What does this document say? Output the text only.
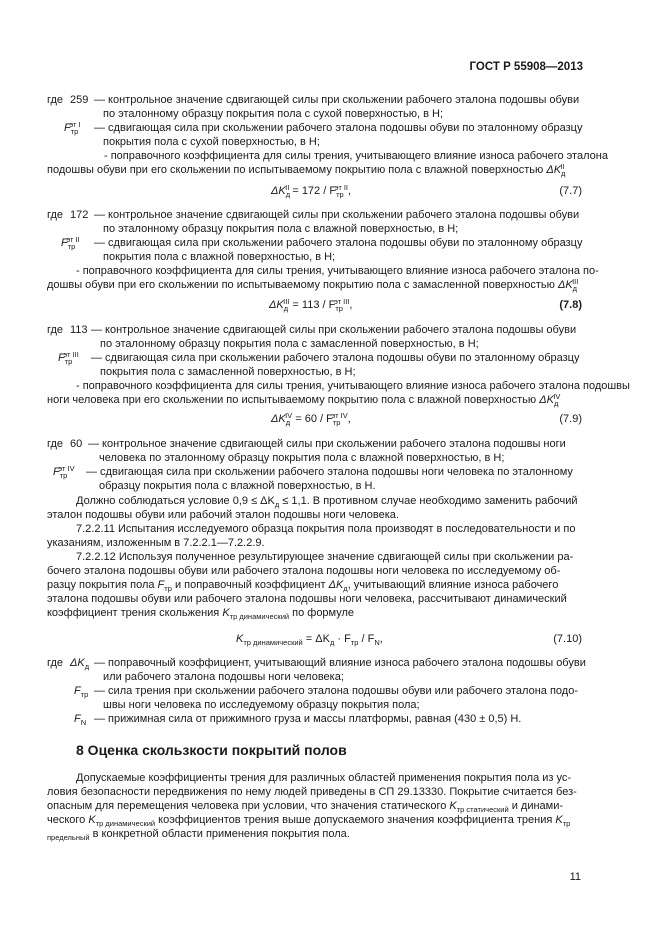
ГОСТ Р 55908—2013
где 259 — контрольное значение сдвигающей силы при скольжении рабочего эталона подошвы обуви
по эталонному образцу покрытия пола с сухой поверхностью, в Н;
$F_{тр}^{эт I}$ — сдвигающая сила при скольжении рабочего эталона подошвы обуви по эталонному образцу
покрытия пола с сухой поверхностью, в Н;
- поправочного коэффициента для силы трения, учитывающего влияние износа рабочего эталона
подошвы обуви при его скольжении по испытываемому покрытию пола с влажной поверхностью $\Delta K_д^{II}$
$\Delta K_д^{II} = 172 / F_{тр}^{эт II}$,	(7.7)
где 172 — контрольное значение сдвигающей силы при скольжении рабочего эталона подошвы обуви
по эталонному образцу покрытия пола с влажной поверхностью, в Н;
$F_{тр}^{эт II}$ — сдвигающая сила при скольжении рабочего эталона подошвы обуви по эталонному образцу
покрытия пола с влажной поверхностью, в Н;
- поправочного коэффициента для силы трения, учитывающего влияние износа рабочего эталона по-
дошвы обуви при его скольжении по испытываемому покрытию пола с замасленной поверхностью $\Delta K_д^{III}$
$\Delta K_д^{III} = 113 / F_{тр}^{эт III}$,	(7.8)
где 113 — контрольное значение сдвигающей силы при скольжении рабочего эталона подошвы обуви
по эталонному образцу покрытия пола с замасленной поверхностью, в Н;
$F_{тр}^{эт III}$ — сдвигающая сила при скольжении рабочего эталона подошвы обуви по эталонному образцу
покрытия пола с замасленной поверхностью, в Н;
- поправочного коэффициента для силы трения, учитывающего влияние износа рабочего эталона подошвы
ноги человека при его скольжении по испытываемому покрытию пола с влажной поверхностью $\Delta K_д^{IV}$
$\Delta K_д^{IV} = 60 / F_{тр}^{эт IV}$,	(7.9)
где 60 — контрольное значение сдвигающей силы при скольжении рабочего эталона подошвы ноги
человека по эталонному образцу покрытия пола с влажной поверхностью, в Н;
$F_{тр}^{эт IV}$ — сдвигающая сила при скольжении рабочего эталона подошвы ноги человека по эталонному
образцу покрытия пола с влажной поверхностью, в Н.
Должно соблюдаться условие $0,9 \le \Delta K_д \le 1,1$. В противном случае необходимо заменить рабочий
эталон подошвы обуви или рабочий эталон подошвы ноги человека.
7.2.2.11 Испытания исследуемого образца покрытия пола производят в последовательности и по
указаниям, изложенным в 7.2.2.1—7.2.2.9.
7.2.2.12 Используя полученное результирующее значение сдвигающей силы при скольжении ра-
бочего эталона подошвы обуви или рабочего эталона подошвы ноги человека по исследуемому об-
разцу покрытия пола $F_{тр}$ и поправочный коэффициент $\Delta K_д$, учитывающий влияние износа рабочего
эталона подошвы обуви или рабочего эталона подошвы ноги человека, рассчитывают динамический
коэффициент трения скольжения $K_{тр динамический}$ по формуле
$K_{тр динамический} = \Delta K_д \cdot F_{тр} / F_N$,	(7.10)
где $\Delta K_д$ — поправочный коэффициент, учитывающий влияние износа рабочего эталона подошвы обуви
или рабочего эталона подошвы ноги человека;
$F_{тр}$ — сила трения при скольжении рабочего эталона подошвы обуви или рабочего эталона подо-
швы ноги человека по исследуемому образцу покрытия пола;
$F_N$ — прижимная сила от прижимного груза и массы платформы, равная (430 ± 0,5) Н.
8 Оценка скользкости покрытий полов
Допускаемые коэффициенты трения для различных областей применения покрытия пола из ус-
ловия безопасности передвижения по нему людей приведены в СП 29.13330. Покрытие считается без-
опасным для перемещения человека при условии, что значения статического $K_{тр статический}$ и динами-
ческого $K_{тр динамический}$ коэффициентов трения выше допускаемого значения коэффициента трения $K_{тр}$
$_{предельный}$ в конкретной области применения покрытия пола.
11
